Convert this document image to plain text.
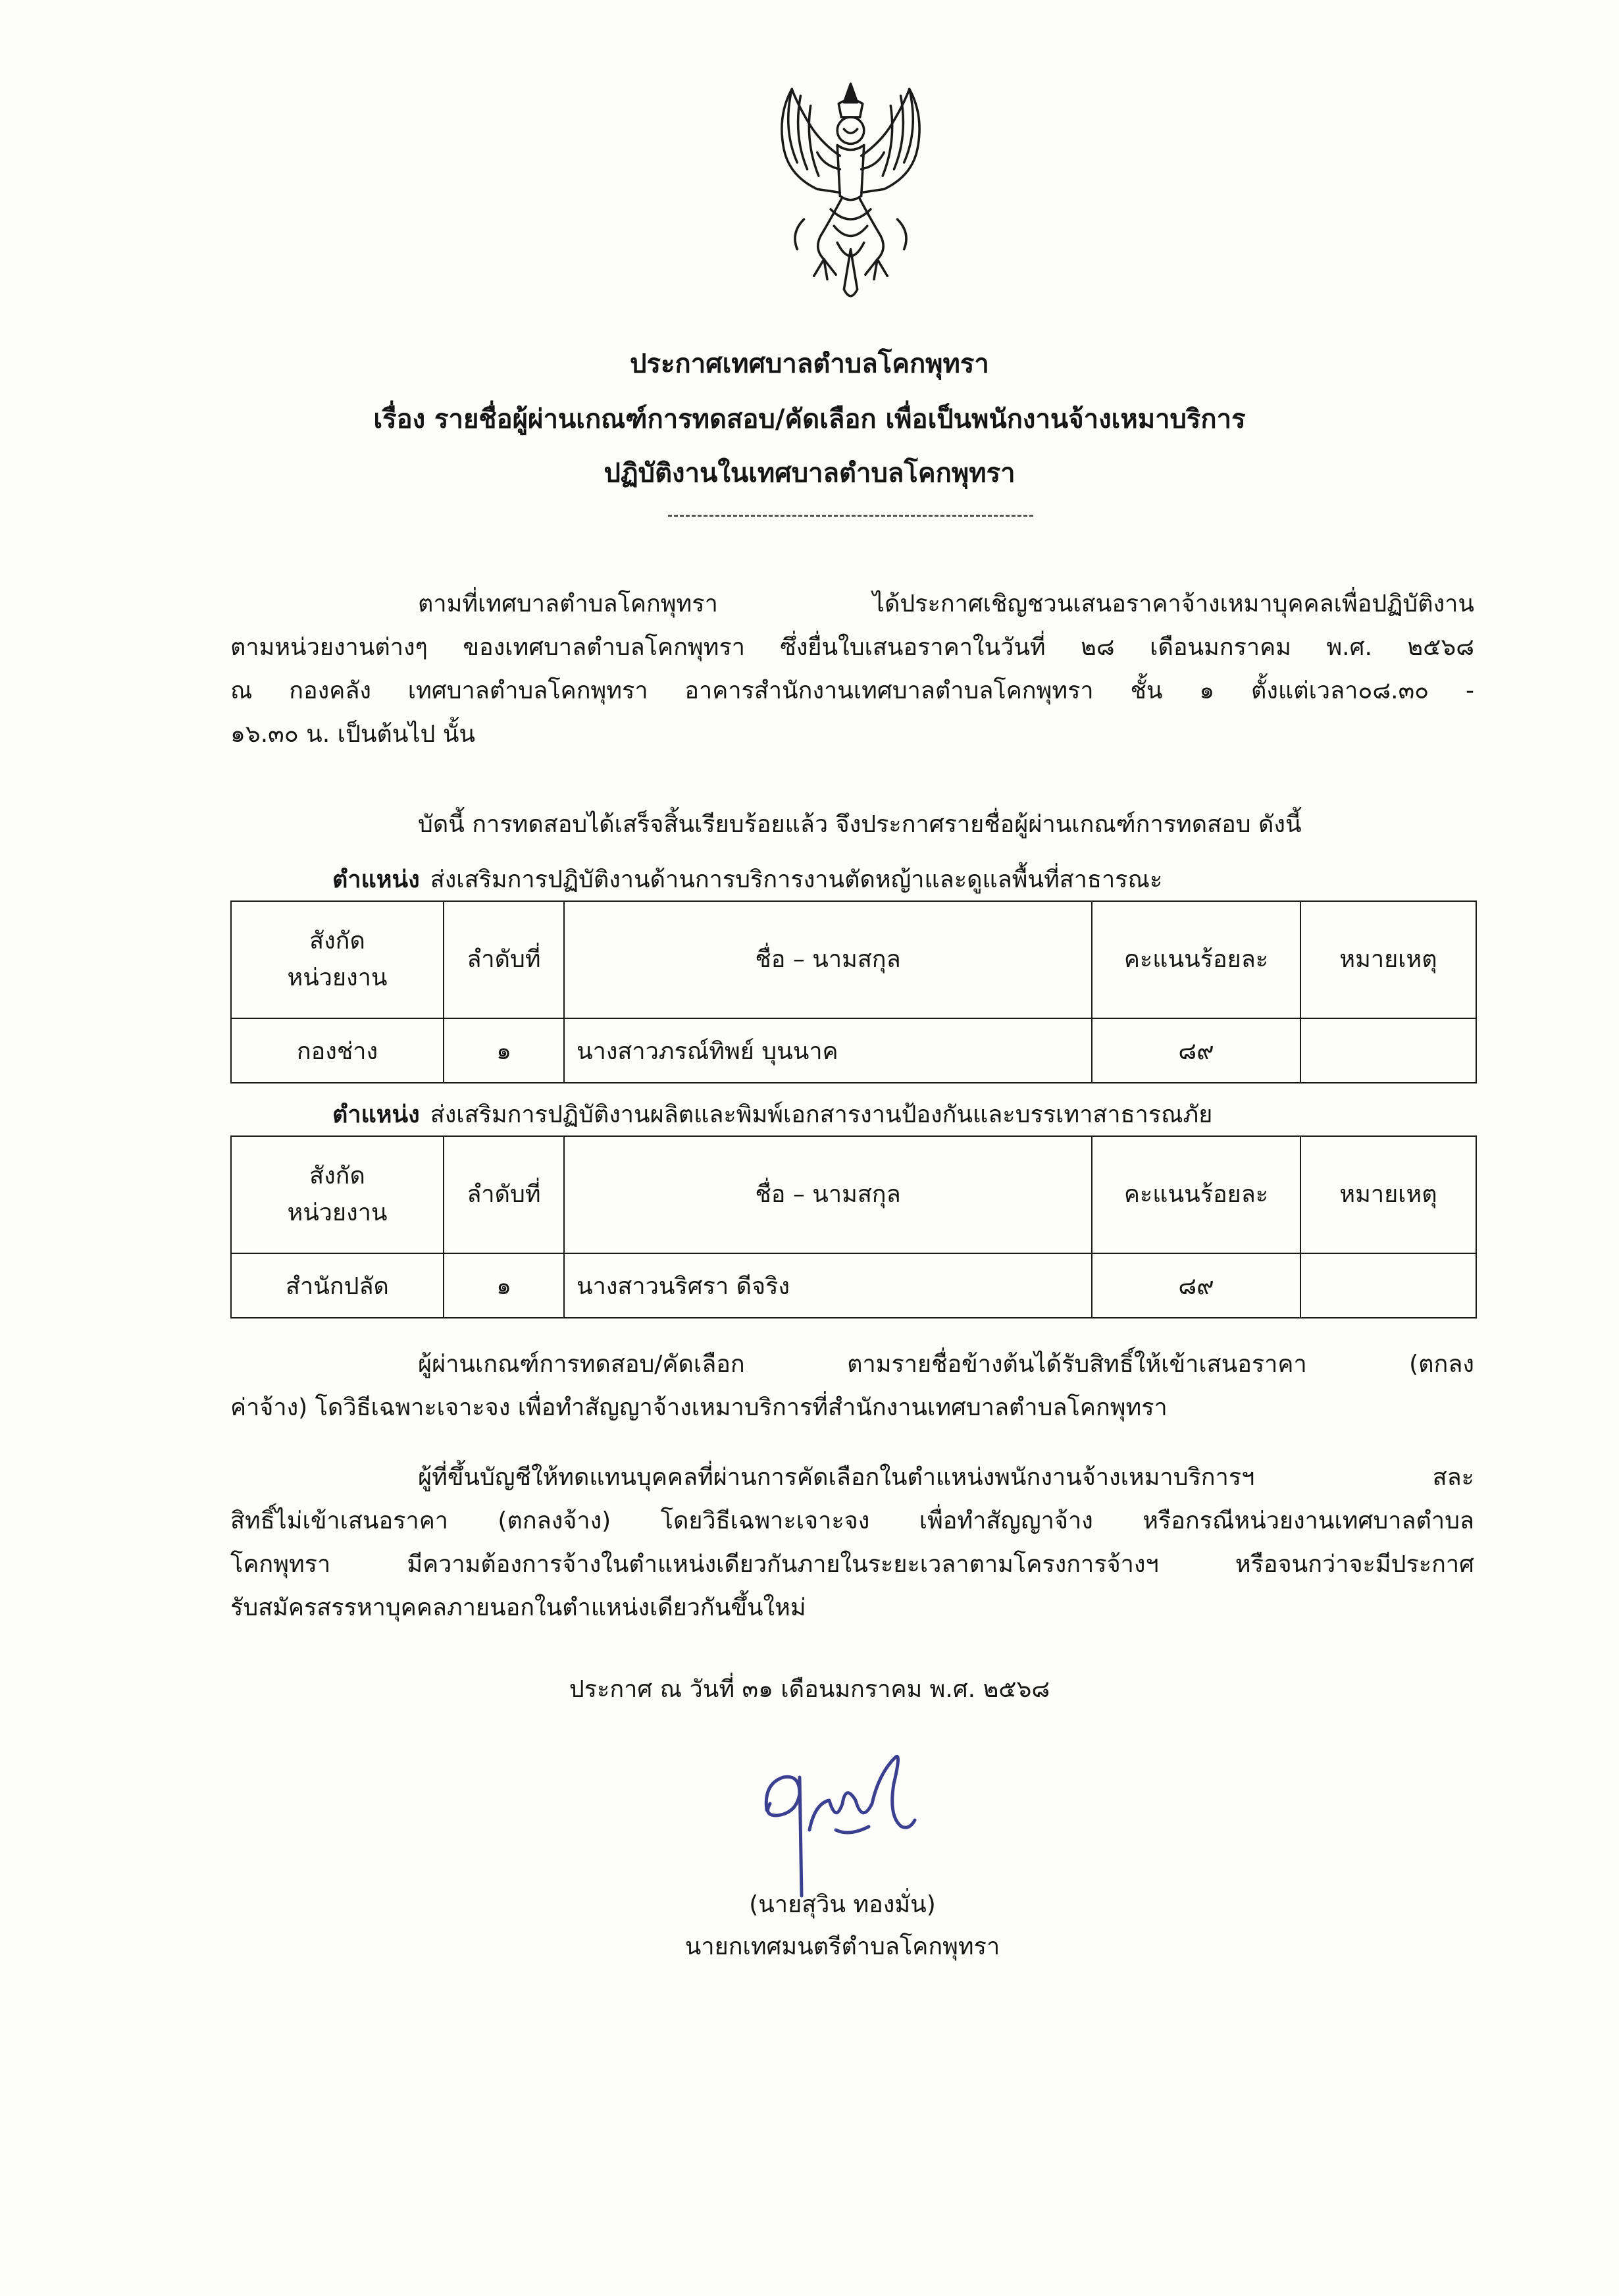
ประกาศเทศบาลตำบลโคกพุทรา
เรื่อง รายชื่อผู้ผ่านเกณฑ์การทดสอบ/คัดเลือก เพื่อเป็นพนักงานจ้างเหมาบริการ
ปฏิบัติงานในเทศบาลตำบลโคกพุทรา
ตามที่เทศบาลตำบลโคกพุทรา ได้ประกาศเชิญชวนเสนอราคาจ้างเหมาบุคคลเพื่อปฏิบัติงาน
ตามหน่วยงานต่างๆ ของเทศบาลตำบลโคกพุทรา ซึ่งยื่นใบเสนอราคาในวันที่ ๒๘ เดือนมกราคม พ.ศ. ๒๕๖๘
ณ กองคลัง เทศบาลตำบลโคกพุทรา อาคารสำนักงานเทศบาลตำบลโคกพุทรา ชั้น ๑ ตั้งแต่เวลา๐๘.๓๐ -
๑๖.๓๐ น. เป็นต้นไป นั้น
บัดนี้ การทดสอบได้เสร็จสิ้นเรียบร้อยแล้ว จึงประกาศรายชื่อผู้ผ่านเกณฑ์การทดสอบ ดังนี้
ตำแหน่ง ส่งเสริมการปฏิบัติงานด้านการบริการงานตัดหญ้าและดูแลพื้นที่สาธารณะ
สังกัด
หน่วยงาน	ลำดับที่	ชื่อ – นามสกุล	คะแนนร้อยละ	หมายเหตุ
กองช่าง	๑	นางสาวภรณ์ทิพย์ บุนนาค	๘๙	
ตำแหน่ง ส่งเสริมการปฏิบัติงานผลิตและพิมพ์เอกสารงานป้องกันและบรรเทาสาธารณภัย
สังกัด
หน่วยงาน	ลำดับที่	ชื่อ – นามสกุล	คะแนนร้อยละ	หมายเหตุ
สำนักปลัด	๑	นางสาวนริศรา ดีจริง	๘๙	
ผู้ผ่านเกณฑ์การทดสอบ/คัดเลือก ตามรายชื่อข้างต้นได้รับสิทธิ์ให้เข้าเสนอราคา (ตกลง
ค่าจ้าง) โดวิธีเฉพาะเจาะจง เพื่อทำสัญญาจ้างเหมาบริการที่สำนักงานเทศบาลตำบลโคกพุทรา
ผู้ที่ขึ้นบัญชีให้ทดแทนบุคคลที่ผ่านการคัดเลือกในตำแหน่งพนักงานจ้างเหมาบริการฯ สละ
สิทธิ์ไม่เข้าเสนอราคา (ตกลงจ้าง) โดยวิธีเฉพาะเจาะจง เพื่อทำสัญญาจ้าง หรือกรณีหน่วยงานเทศบาลตำบล
โคกพุทรา มีความต้องการจ้างในตำแหน่งเดียวกันภายในระยะเวลาตามโครงการจ้างฯ หรือจนกว่าจะมีประกาศ
รับสมัครสรรหาบุคคลภายนอกในตำแหน่งเดียวกันขึ้นใหม่
ประกาศ ณ วันที่ ๓๑ เดือนมกราคม พ.ศ. ๒๕๖๘
(นายสุวิน ทองมั่น)
นายกเทศมนตรีตำบลโคกพุทรา
